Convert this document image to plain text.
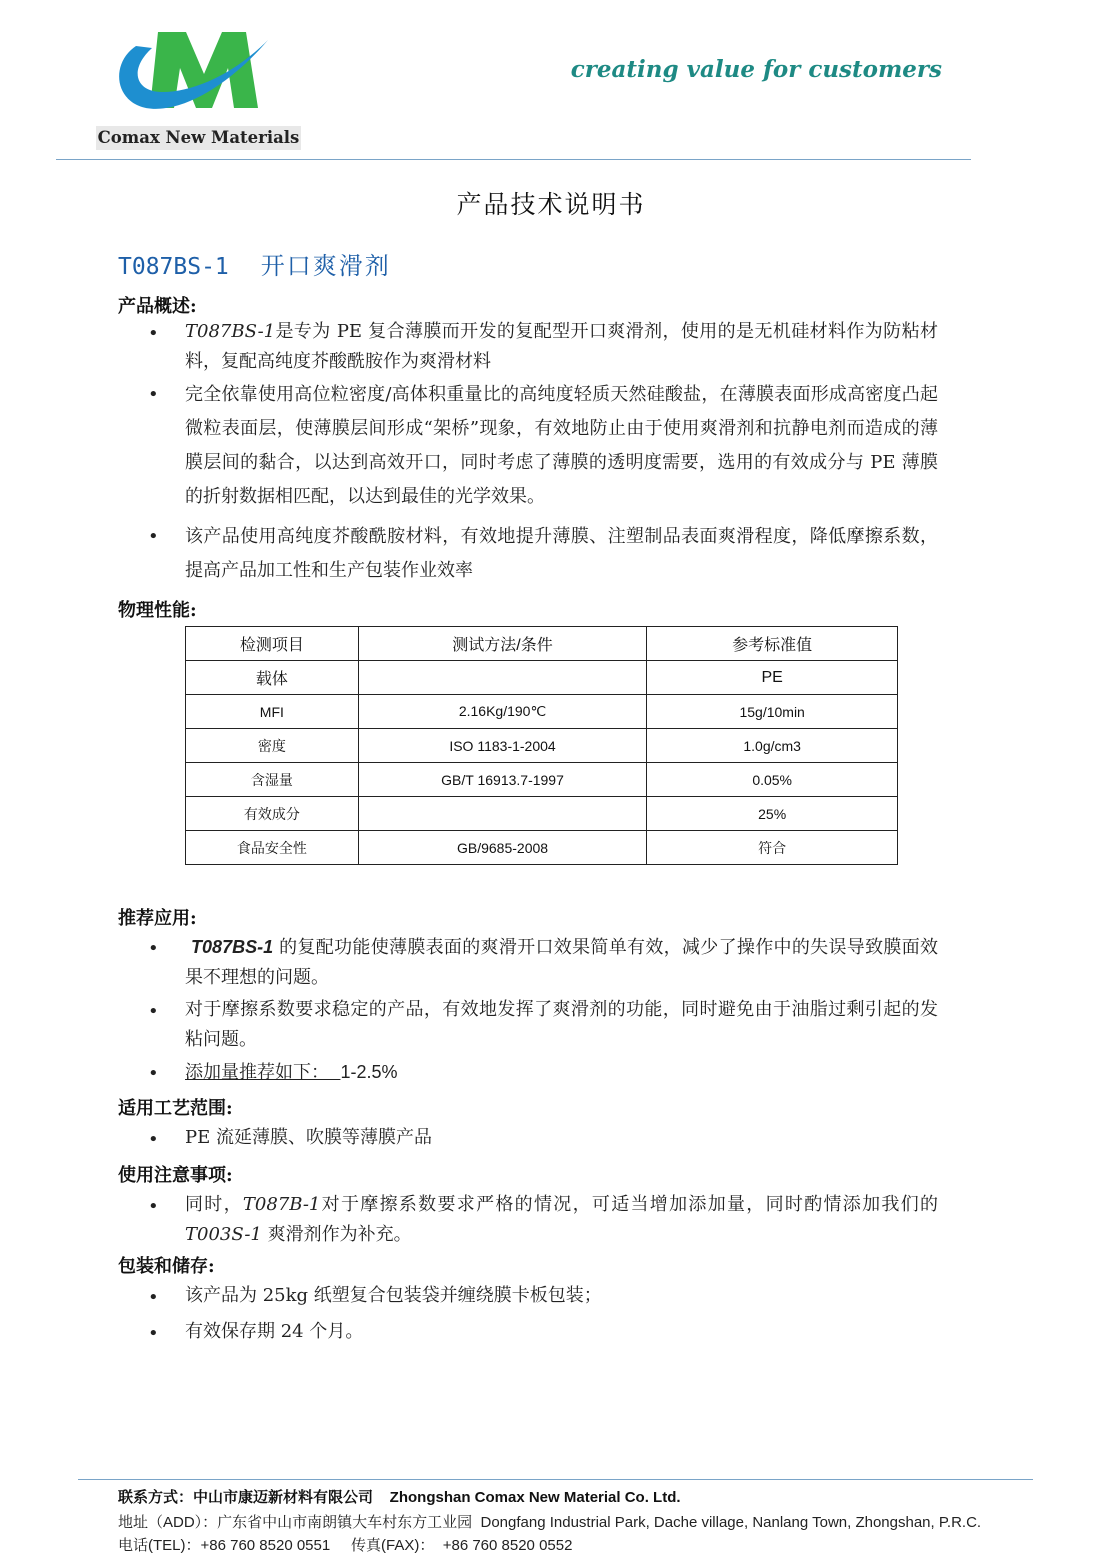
Comax New Materials
creating value for customers
产品技术说明书
T087BS-1 开口爽滑剂
产品概述:
• T087BS-1是专为 PE 复合薄膜而开发的复配型开口爽滑剂，使用的是无机硅材料作为防粘材料，复配高纯度芥酸酰胺作为爽滑材料
• 完全依靠使用高位粒密度/高体积重量比的高纯度轻质天然硅酸盐，在薄膜表面形成高密度凸起微粒表面层，使薄膜层间形成“架桥”现象，有效地防止由于使用爽滑剂和抗静电剂而造成的薄膜层间的黏合，以达到高效开口，同时考虑了薄膜的透明度需要，选用的有效成分与 PE 薄膜的折射数据相匹配，以达到最佳的光学效果。
• 该产品使用高纯度芥酸酰胺材料，有效地提升薄膜、注塑制品表面爽滑程度，降低摩擦系数，提高产品加工性和生产包装作业效率
物理性能:
检测项目	测试方法/条件	参考标准值
载体		PE
MFI	2.16Kg/190℃	15g/10min
密度	ISO 1183-1-2004	1.0g/cm3
含湿量	GB/T 16913.7-1997	0.05%
有效成分		25%
食品安全性	GB/9685-2008	符合
推荐应用:
•	T087BS-1 的复配功能使薄膜表面的爽滑开口效果简单有效，减少了操作中的失误导致膜面效果不理想的问题。
• 对于摩擦系数要求稳定的产品，有效地发挥了爽滑剂的功能，同时避免由于油脂过剩引起的发粘问题。
• 添加量推荐如下： 1-2.5%
适用工艺范围:
• PE 流延薄膜、吹膜等薄膜产品
使用注意事项:
• 同时，T087B-1对于摩擦系数要求严格的情况，可适当增加添加量，同时酌情添加我们的T003S-1 爽滑剂作为补充。
包装和储存:
• 该产品为 25kg 纸塑复合包装袋并缠绕膜卡板包装；
• 有效保存期 24 个月。
联系方式：中山市康迈新材料有限公司    Zhongshan Comax New Material Co. Ltd.
地址（ADD）：广东省中山市南朗镇大车村东方工业园  Dongfang Industrial Park, Dache village, Nanlang Town, Zhongshan, P.R.C.
电话(TEL)：+86 760 8520 0551     传真(FAX)：  +86 760 8520 0552
